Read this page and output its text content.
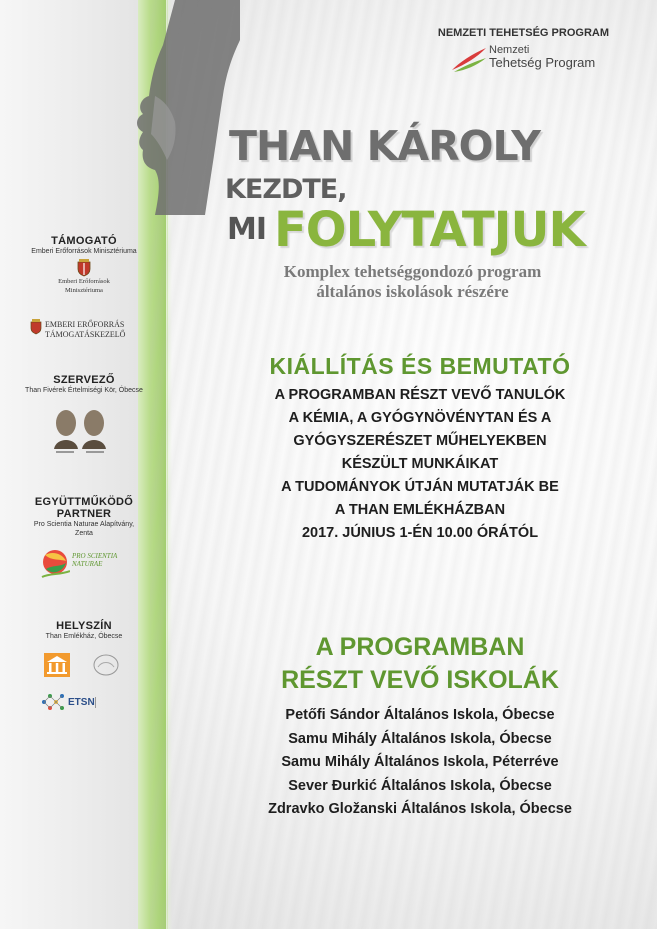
NEMZETI TEHETSÉG PROGRAM
Nemzeti
Tehetség Program
THAN KÁROLY
KEZDTE,
MI FOLYTATJUK
Komplex tehetséggondozó program
általános iskolások részére
TÁMOGATÓ
Emberi Erőforrások Minisztériuma
Emberi Erőforrások
Minisztériuma
EMBERI ERŐFORRÁS
TÁMOGATÁSKEZELŐ
SZERVEZŐ
Than Fivérek Értelmiségi Kör, Óbecse
EGYÜTTMŰKÖDŐ
PARTNER
Pro Scientia Naturae Alapítvány,
Zenta
PRO SCIENTIA
NATURAE
HELYSZÍN
Than Emlékház, Óbecse
ETSN
KIÁLLÍTÁS ÉS BEMUTATÓ
A PROGRAMBAN RÉSZT VEVŐ TANULÓK
A KÉMIA, A GYÓGYNÖVÉNYTAN ÉS A
GYÓGYSZERÉSZET MŰHELYEKBEN
KÉSZÜLT MUNKÁIKAT
A TUDOMÁNYOK ÚTJÁN MUTATJÁK BE
A THAN EMLÉKHÁZBAN
2017. JÚNIUS 1-ÉN 10.00 ÓRÁTÓL
A PROGRAMBAN
RÉSZT VEVŐ ISKOLÁK
Petőfi Sándor Általános Iskola, Óbecse
Samu Mihály Általános Iskola, Óbecse
Samu Mihály Általános Iskola, Péterréve
Sever Đurkić Általános Iskola, Óbecse
Zdravko Gložanski Általános Iskola, Óbecse
